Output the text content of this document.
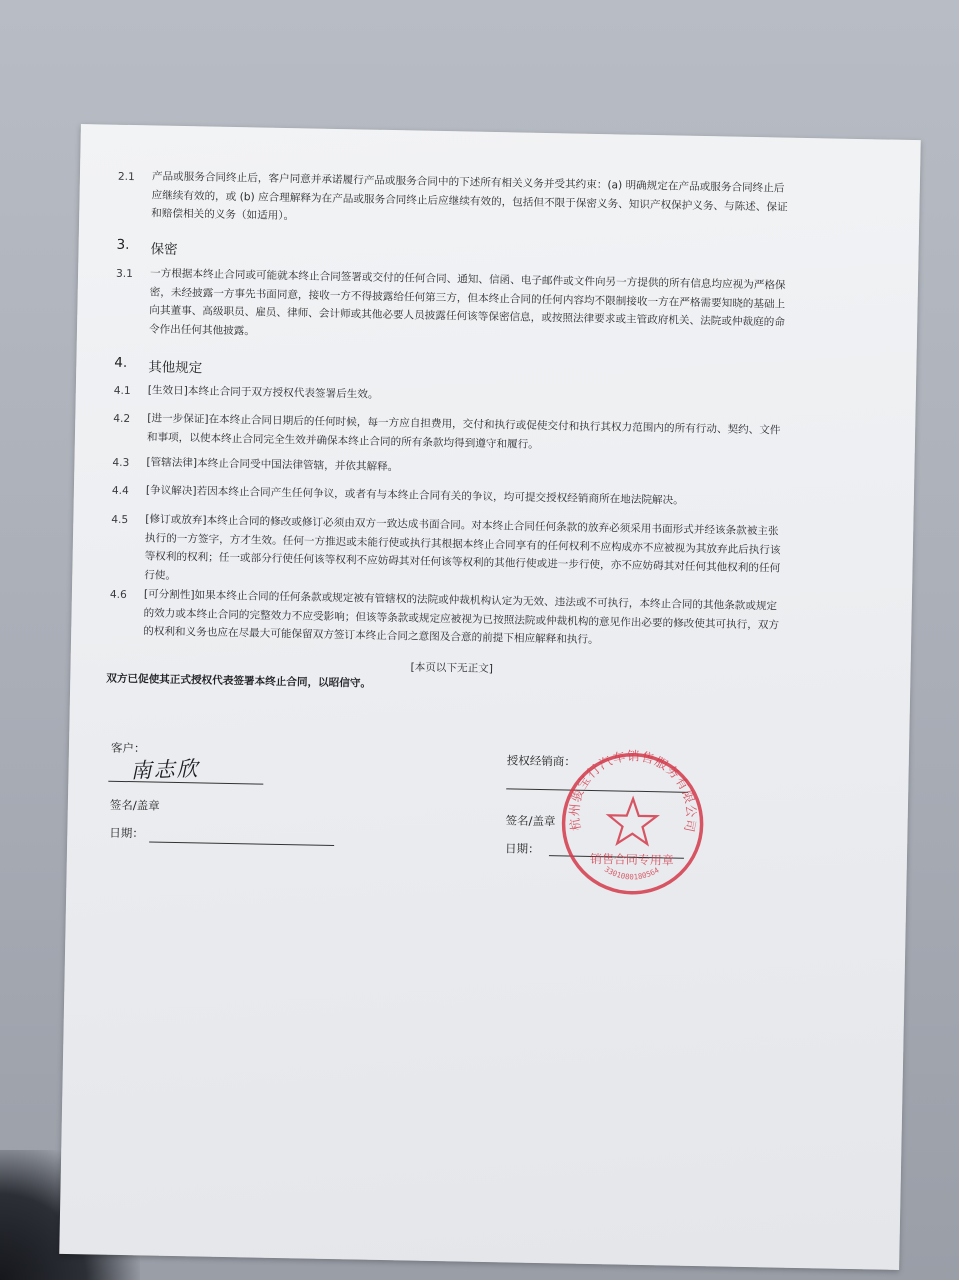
2.1 产品或服务合同终止后，客户同意并承诺履行产品或服务合同中的下述所有相关义务并受其约束：(a) 明确规定在产品或服务合同终止后应继续有效的，或 (b) 应合理解释为在产品或服务合同终止后应继续有效的，包括但不限于保密义务、知识产权保护义务、与陈述、保证和赔偿相关的义务（如适用）。
3. 保密
3.1 一方根据本终止合同或可能就本终止合同签署或交付的任何合同、通知、信函、电子邮件或文件向另一方提供的所有信息均应视为严格保密，未经披露一方事先书面同意，接收一方不得披露给任何第三方，但本终止合同的任何内容均不限制接收一方在严格需要知晓的基础上向其董事、高级职员、雇员、律师、会计师或其他必要人员披露任何该等保密信息，或按照法律要求或主管政府机关、法院或仲裁庭的命令作出任何其他披露。
4. 其他规定
4.1 [生效日]本终止合同于双方授权代表签署后生效。
4.2 [进一步保证]在本终止合同日期后的任何时候，每一方应自担费用，交付和执行或促使交付和执行其权力范围内的所有行动、契约、文件和事项，以使本终止合同完全生效并确保本终止合同的所有条款均得到遵守和履行。
4.3 [管辖法律]本终止合同受中国法律管辖，并依其解释。
4.4 [争议解决]若因本终止合同产生任何争议，或者有与本终止合同有关的争议，均可提交授权经销商所在地法院解决。
4.5 [修订或放弃]本终止合同的修改或修订必须由双方一致达成书面合同。对本终止合同任何条款的放弃必须采用书面形式并经该条款被主张执行的一方签字，方才生效。任何一方推迟或未能行使或执行其根据本终止合同享有的任何权利不应构成亦不应被视为其放弃此后执行该等权利的权利；任一或部分行使任何该等权利不应妨碍其对任何该等权利的其他行使或进一步行使，亦不应妨碍其对任何其他权利的任何行使。
4.6 [可分割性]如果本终止合同的任何条款或规定被有管辖权的法院或仲裁机构认定为无效、违法或不可执行，本终止合同的其他条款或规定的效力或本终止合同的完整效力不应受影响；但该等条款或规定应被视为已按照法院或仲裁机构的意见作出必要的修改使其可执行，双方的权利和义务也应在尽最大可能保留双方签订本终止合同之意图及合意的前提下相应解释和执行。
[本页以下无正文]
双方已促使其正式授权代表签署本终止合同，以昭信守。
客户：
南志欣
签名/盖章
日期：
授权经销商：
签名/盖章
日期：
杭州骏宝行汽车销售服务有限公司
销售合同专用章
3301080180564
